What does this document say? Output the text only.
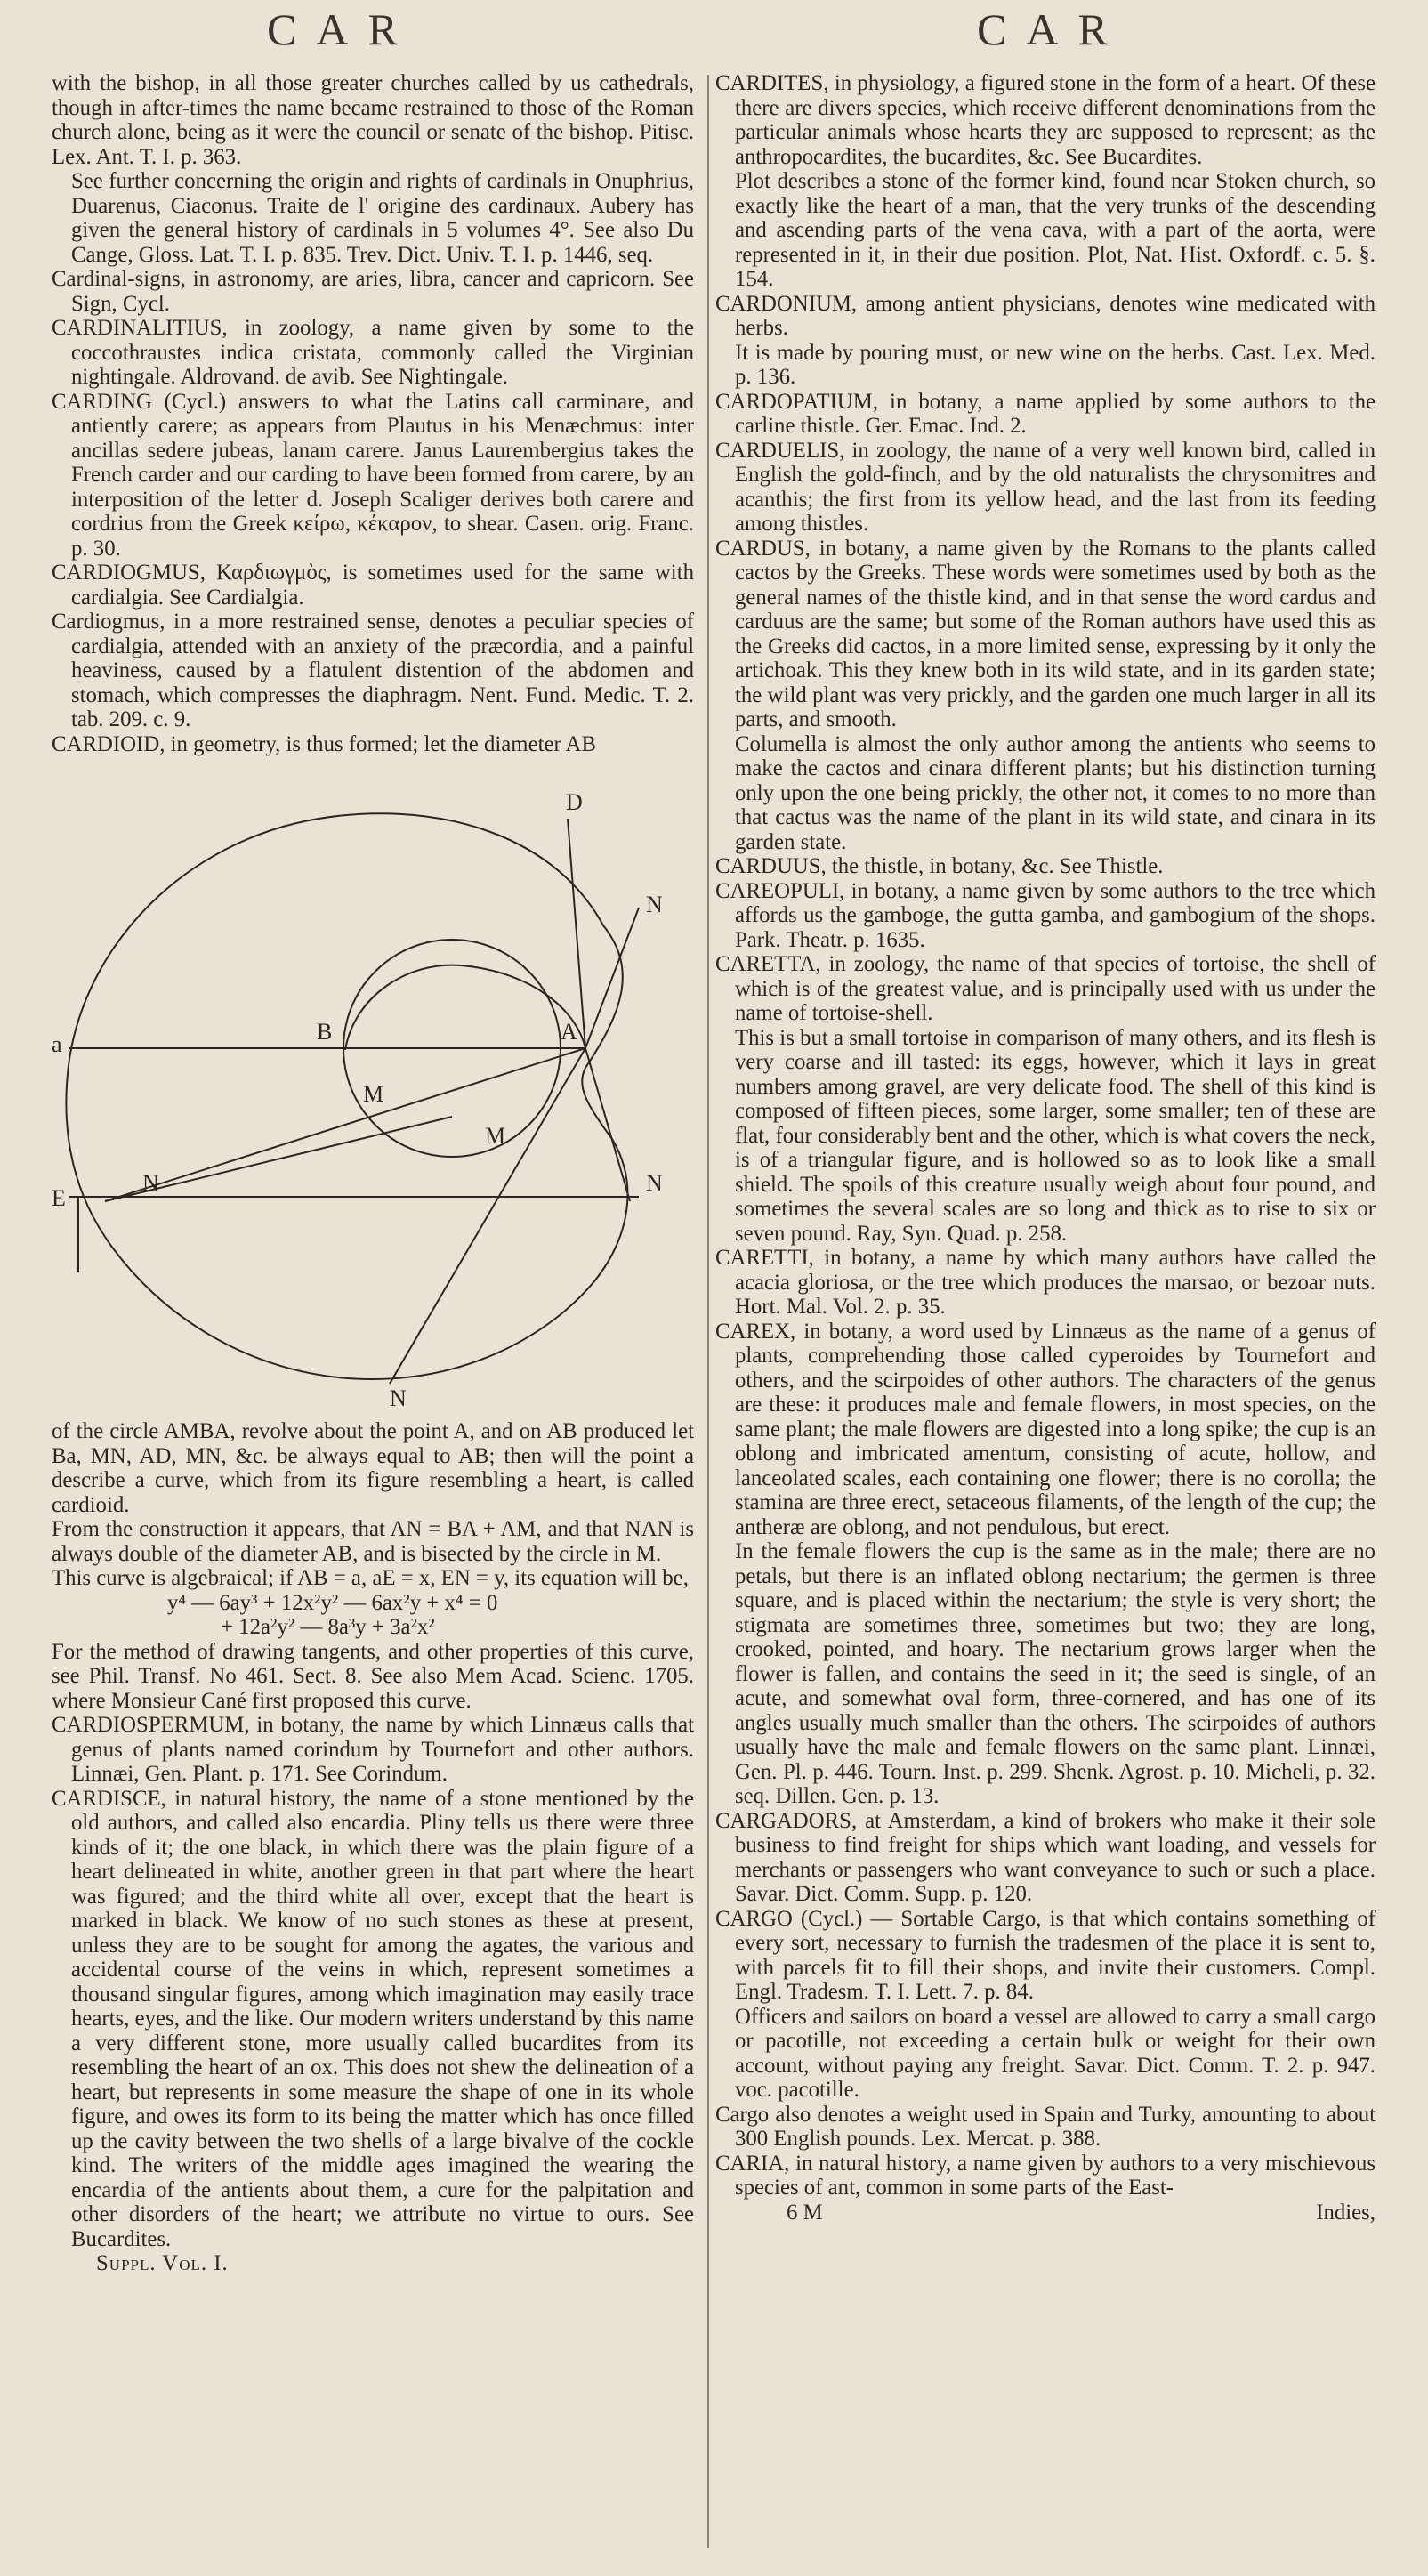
CAR	CAR

with the bishop, in all those greater churches called by us cathedrals, though in after-times the name became restrained to those of the Roman church alone, being as it were the council or senate of the bishop. Pitisc. Lex. Ant. T. I. p. 363.

See further concerning the origin and rights of cardinals in Onuphrius, Duarenus, Ciaconus. Traite de l' origine des cardinaux. Aubery has given the general history of cardinals in 5 volumes 4°. See also Du Cange, Gloss. Lat. T. I. p. 835. Trev. Dict. Univ. T. I. p. 1446, seq.

Cardinal-signs, in astronomy, are aries, libra, cancer and capricorn. See Sign, Cycl.

CARDINALITIUS, in zoology, a name given by some to the coccothraustes indica cristata, commonly called the Virginian nightingale. Aldrovand. de avib. See Nightingale.

CARDING (Cycl.) answers to what the Latins call carminare, and antiently carere; as appears from Plautus in his Menæchmus: inter ancillas sedere jubeas, lanam carere. Janus Laurembergius takes the French carder and our carding to have been formed from carere, by an interposition of the letter d. Joseph Scaliger derives both carere and cordrius from the Greek κείρω, κέκαρον, to shear. Casen. orig. Franc. p. 30.

CARDIOGMUS, Καρδιωγμὸς, is sometimes used for the same with cardialgia. See Cardialgia.

Cardiogmus, in a more restrained sense, denotes a peculiar species of cardialgia, attended with an anxiety of the præcordia, and a painful heaviness, caused by a flatulent distention of the abdomen and stomach, which compresses the diaphragm. Nent. Fund. Medic. T. 2. tab. 209. c. 9.

CARDIOID, in geometry, is thus formed; let the diameter AB

D
N
B	A
a
M
M
N
E
N
N

of the circle AMBA, revolve about the point A, and on AB produced let Ba, MN, AD, MN, &c. be always equal to AB; then will the point a describe a curve, which from its figure resembling a heart, is called cardioid.

From the construction it appears, that AN = BA + AM, and that NAN is always double of the diameter AB, and is bisected by the circle in M.

This curve is algebraical; if AB = a, aE = x, EN = y, its equation will be,

y⁴ — 6ay³ + 12x²y² — 6ax²y + x⁴ = 0

+ 12a²y² — 8a³y + 3a²x²

For the method of drawing tangents, and other properties of this curve, see Phil. Transf. No 461. Sect. 8. See also Mem Acad. Scienc. 1705. where Monsieur Cané first proposed this curve.

CARDIOSPERMUM, in botany, the name by which Linnæus calls that genus of plants named corindum by Tournefort and other authors. Linnæi, Gen. Plant. p. 171. See Corindum.

CARDISCE, in natural history, the name of a stone mentioned by the old authors, and called also encardia. Pliny tells us there were three kinds of it; the one black, in which there was the plain figure of a heart delineated in white, another green in that part where the heart was figured; and the third white all over, except that the heart is marked in black. We know of no such stones as these at present, unless they are to be sought for among the agates, the various and accidental course of the veins in which, represent sometimes a thousand singular figures, among which imagination may easily trace hearts, eyes, and the like. Our modern writers understand by this name a very different stone, more usually called bucardites from its resembling the heart of an ox. This does not shew the delineation of a heart, but represents in some measure the shape of one in its whole figure, and owes its form to its being the matter which has once filled up the cavity between the two shells of a large bivalve of the cockle kind. The writers of the middle ages imagined the wearing the encardia of the antients about them, a cure for the palpitation and other disorders of the heart; we attribute no virtue to ours. See Bucardites.

Suppl. Vol. I.

CARDITES, in physiology, a figured stone in the form of a heart. Of these there are divers species, which receive different denominations from the particular animals whose hearts they are supposed to represent; as the anthropocardites, the bucardites, &c. See Bucardites.

Plot describes a stone of the former kind, found near Stoken church, so exactly like the heart of a man, that the very trunks of the descending and ascending parts of the vena cava, with a part of the aorta, were represented in it, in their due position. Plot, Nat. Hist. Oxfordf. c. 5. §. 154.

CARDONIUM, among antient physicians, denotes wine medicated with herbs.

It is made by pouring must, or new wine on the herbs. Cast. Lex. Med. p. 136.

CARDOPATIUM, in botany, a name applied by some authors to the carline thistle. Ger. Emac. Ind. 2.

CARDUELIS, in zoology, the name of a very well known bird, called in English the gold-finch, and by the old naturalists the chrysomitres and acanthis; the first from its yellow head, and the last from its feeding among thistles.

CARDUS, in botany, a name given by the Romans to the plants called cactos by the Greeks. These words were sometimes used by both as the general names of the thistle kind, and in that sense the word cardus and carduus are the same; but some of the Roman authors have used this as the Greeks did cactos, in a more limited sense, expressing by it only the artichoak. This they knew both in its wild state, and in its garden state; the wild plant was very prickly, and the garden one much larger in all its parts, and smooth.

Columella is almost the only author among the antients who seems to make the cactos and cinara different plants; but his distinction turning only upon the one being prickly, the other not, it comes to no more than that cactus was the name of the plant in its wild state, and cinara in its garden state.

CARDUUS, the thistle, in botany, &c. See Thistle.

CAREOPULI, in botany, a name given by some authors to the tree which affords us the gamboge, the gutta gamba, and gambogium of the shops. Park. Theatr. p. 1635.

CARETTA, in zoology, the name of that species of tortoise, the shell of which is of the greatest value, and is principally used with us under the name of tortoise-shell.

This is but a small tortoise in comparison of many others, and its flesh is very coarse and ill tasted: its eggs, however, which it lays in great numbers among gravel, are very delicate food. The shell of this kind is composed of fifteen pieces, some larger, some smaller; ten of these are flat, four considerably bent and the other, which is what covers the neck, is of a triangular figure, and is hollowed so as to look like a small shield. The spoils of this creature usually weigh about four pound, and sometimes the several scales are so long and thick as to rise to six or seven pound. Ray, Syn. Quad. p. 258.

CARETTI, in botany, a name by which many authors have called the acacia gloriosa, or the tree which produces the marsao, or bezoar nuts. Hort. Mal. Vol. 2. p. 35.

CAREX, in botany, a word used by Linnæus as the name of a genus of plants, comprehending those called cyperoides by Tournefort and others, and the scirpoides of other authors. The characters of the genus are these: it produces male and female flowers, in most species, on the same plant; the male flowers are digested into a long spike; the cup is an oblong and imbricated amentum, consisting of acute, hollow, and lanceolated scales, each containing one flower; there is no corolla; the stamina are three erect, setaceous filaments, of the length of the cup; the antheræ are oblong, and not pendulous, but erect.

In the female flowers the cup is the same as in the male; there are no petals, but there is an inflated oblong nectarium; the germen is three square, and is placed within the nectarium; the style is very short; the stigmata are sometimes three, sometimes but two; they are long, crooked, pointed, and hoary. The nectarium grows larger when the flower is fallen, and contains the seed in it; the seed is single, of an acute, and somewhat oval form, three-cornered, and has one of its angles usually much smaller than the others. The scirpoides of authors usually have the male and female flowers on the same plant. Linnæi, Gen. Pl. p. 446. Tourn. Inst. p. 299. Shenk. Agrost. p. 10. Micheli, p. 32. seq. Dillen. Gen. p. 13.

CARGADORS, at Amsterdam, a kind of brokers who make it their sole business to find freight for ships which want loading, and vessels for merchants or passengers who want conveyance to such or such a place. Savar. Dict. Comm. Supp. p. 120.

CARGO (Cycl.) — Sortable Cargo, is that which contains something of every sort, necessary to furnish the tradesmen of the place it is sent to, with parcels fit to fill their shops, and invite their customers. Compl. Engl. Tradesm. T. I. Lett. 7. p. 84.

Officers and sailors on board a vessel are allowed to carry a small cargo or pacotille, not exceeding a certain bulk or weight for their own account, without paying any freight. Savar. Dict. Comm. T. 2. p. 947. voc. pacotille.

Cargo also denotes a weight used in Spain and Turky, amounting to about 300 English pounds. Lex. Mercat. p. 388.

CARIA, in natural history, a name given by authors to a very mischievous species of ant, common in some parts of the East-

6 M	Indies,
